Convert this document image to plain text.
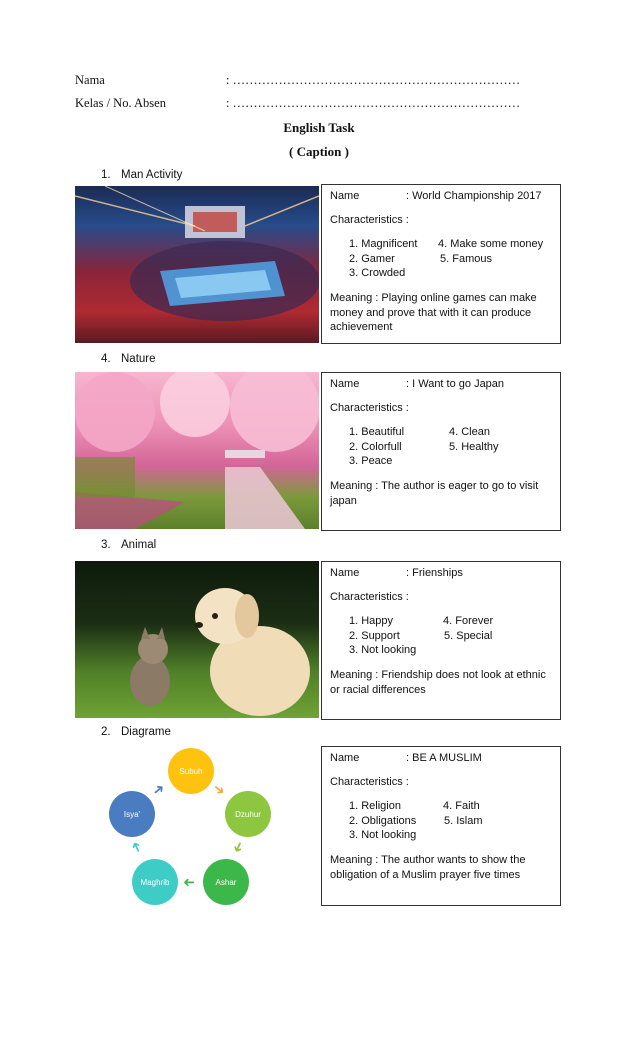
Nama	: ……………………………………………………………
Kelas / No. Absen	: ……………………………………………………………
English Task
( Caption )
1. Man Activity
Name	: World Championship 2017
Characteristics :
1. Magnificent
2. Gamer
3. Crowded
4. Make some money
5. Famous
Meaning : Playing online games can make money and prove that with it can produce achievement
4. Nature
Name	: I Want to go Japan
Characteristics :
1. Beautiful
2. Colorfull
3. Peace
4. Clean
5. Healthy
Meaning : The author is eager to go to visit japan
3. Animal
Name	: Frienships
Characteristics :
1. Happy
2. Support
3. Not looking
4. Forever
5. Special
Meaning : Friendship does not look at ethnic or racial differences
2. Diagrame
Subuh
Dzuhur
Ashar
Maghrib
Isya'
➜
➜
➜
➜
➜
Name	: BE A MUSLIM
Characteristics :
1. Religion
2. Obligations
3. Not looking
4. Faith
5. Islam
Meaning : The author wants to show the obligation of a Muslim prayer five times
